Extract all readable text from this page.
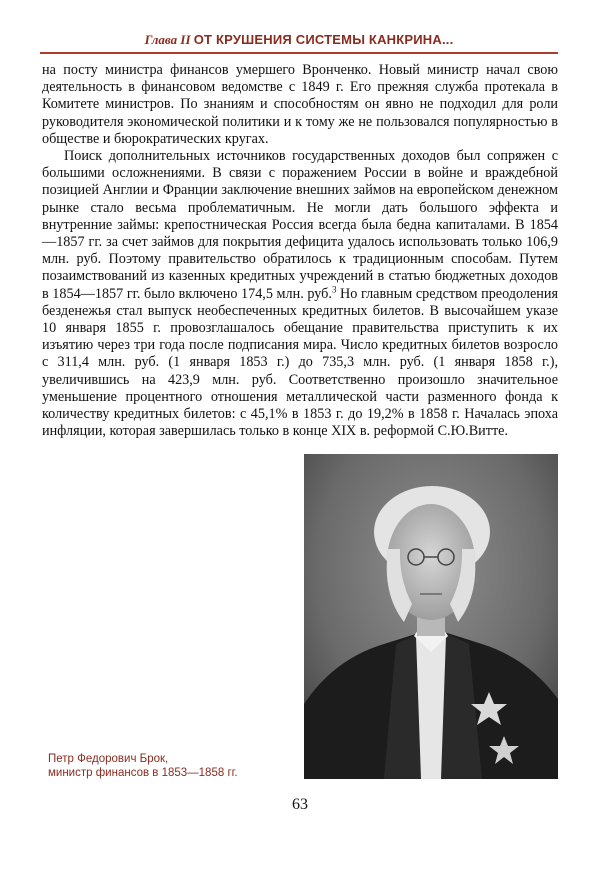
Глава II ОТ КРУШЕНИЯ СИСТЕМЫ КАНКРИНА...

на посту министра финансов умершего Вронченко. Новый министр начал свою деятельность в финансовом ведомстве с 1849 г. Его прежняя служба протекала в Комитете министров. По знаниям и способностям он явно не подходил для роли руководителя экономической политики и к тому же не пользовался популярностью в обществе и бюрократических кругах.

Поиск дополнительных источников государственных доходов был сопряжен с большими осложнениями. В связи с поражением России в войне и враждебной позицией Англии и Франции заключение внешних займов на европейском денежном рынке стало весьма проблематичным. Не могли дать большого эффекта и внутренние займы: крепостническая Россия всегда была бедна капиталами. В 1854—1857 гг. за счет займов для покрытия дефицита удалось использовать только 106,9 млн. руб. Поэтому правительство обратилось к традиционным способам. Путем позаимствований из казенных кредитных учреждений в статью бюджетных доходов в 1854—1857 гг. было включено 174,5 млн. руб.$^3$ Но главным средством преодоления безденежья стал выпуск необеспеченных кредитных билетов. В высочайшем указе 10 января 1855 г. провозглашалось обещание правительства приступить к их изъятию через три года после подписания мира. Число кредитных билетов возросло с 311,4 млн. руб. (1 января 1853 г.) до 735,3 млн. руб. (1 января 1858 г.), увеличившись на 423,9 млн. руб. Соответственно произошло значительное уменьшение процентного отношения металлической части разменного фонда к количеству кредитных билетов: с 45,1% в 1853 г. до 19,2% в 1858 г. Началась эпоха инфляции, которая завершилась только в конце XIX в. реформой С.Ю.Витте.

Петр Федорович Брок,
министр финансов в 1853—1858 гг.
63
